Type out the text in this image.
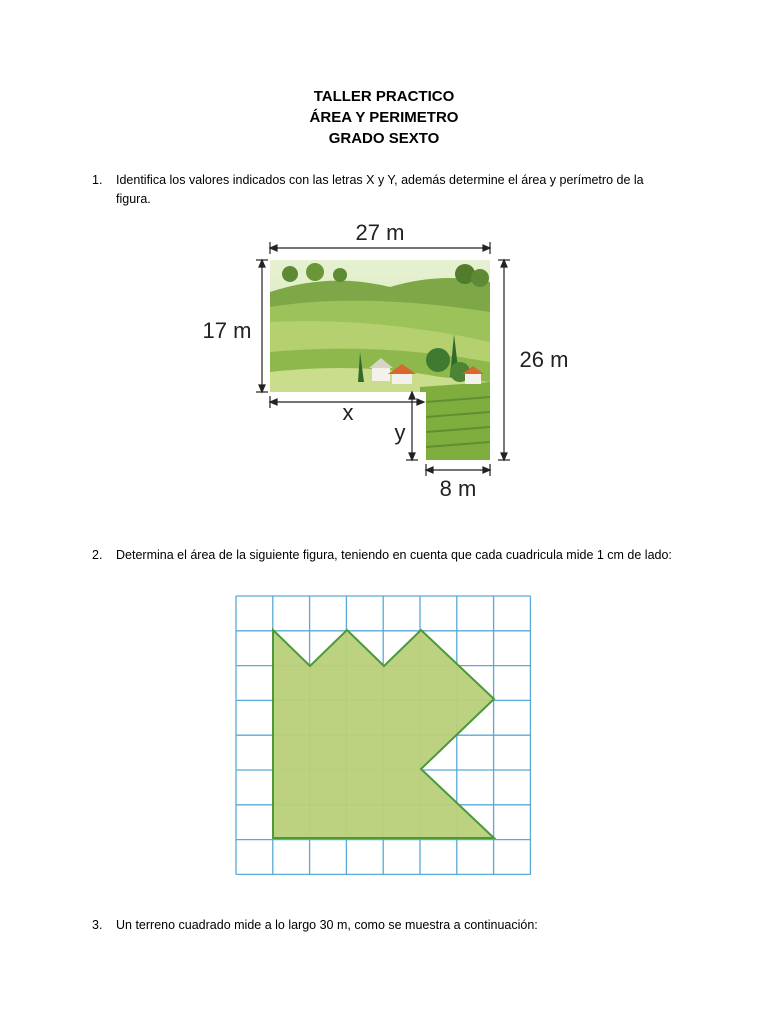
TALLER PRACTICO
ÁREA Y PERIMETRO
GRADO SEXTO
1. Identifica los valores indicados con las letras X y Y, además determine el área y perímetro de la figura.
27 m
17 m
26 m
x
y
8 m
2. Determina el área de la siguiente figura, teniendo en cuenta que cada cuadricula mide 1 cm de lado:
3. Un terreno cuadrado mide a lo largo 30 m, como se muestra a continuación:
